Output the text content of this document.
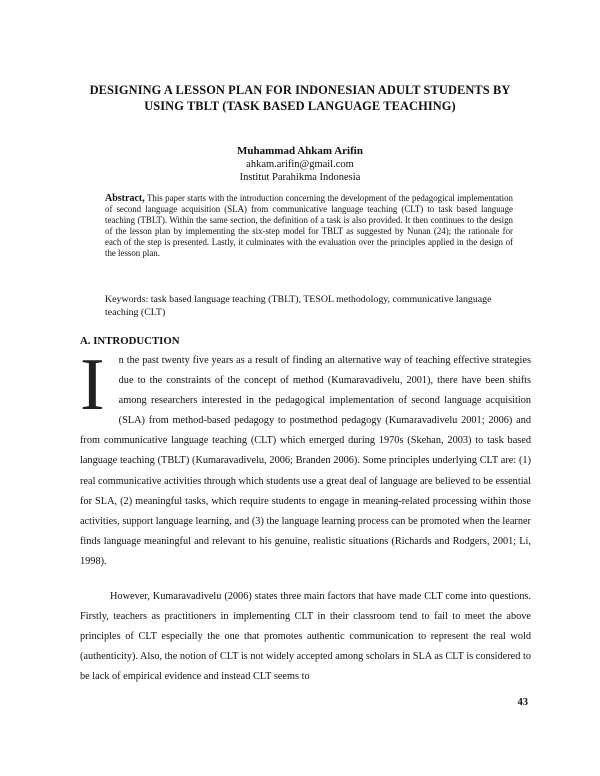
DESIGNING A LESSON PLAN FOR INDONESIAN ADULT STUDENTS BY USING TBLT (TASK BASED LANGUAGE TEACHING)
Muhammad Ahkam Arifin
ahkam.arifin@gmail.com
Institut Parahikma Indonesia
Abstract, This paper starts with the introduction concerning the development of the pedagogical implementation of second language acquisition (SLA) from communicative language teaching (CLT) to task based language teaching (TBLT). Within the same section, the definition of a task is also provided. It then continues to the design of the lesson plan by implementing the six-step model for TBLT as suggested by Nunan (24); the rationale for each of the step is presented. Lastly, it culminates with the evaluation over the principles applied in the design of the lesson plan.
Keywords: task based language teaching (TBLT), TESOL methodology, communicative language teaching (CLT)
A. INTRODUCTION
I n the past twenty five years as a result of finding an alternative way of teaching effective strategies due to the constraints of the concept of method (Kumaravadivelu, 2001), there have been shifts among researchers interested in the pedagogical implementation of second language acquisition (SLA) from method-based pedagogy to postmethod pedagogy (Kumaravadivelu 2001; 2006) and from communicative language teaching (CLT) which emerged during 1970s (Skehan, 2003) to task based language teaching (TBLT) (Kumaravadivelu, 2006; Branden 2006). Some principles underlying CLT are: (1) real communicative activities through which students use a great deal of language are believed to be essential for SLA, (2) meaningful tasks, which require students to engage in meaning-related processing within those activities, support language learning, and (3) the language learning process can be promoted when the learner finds language meaningful and relevant to his genuine, realistic situations (Richards and Rodgers, 2001; Li, 1998).
However, Kumaravadivelu (2006) states three main factors that have made CLT come into questions. Firstly, teachers as practitioners in implementing CLT in their classroom tend to fail to meet the above principles of CLT especially the one that promotes authentic communication to represent the real wold (authenticity). Also, the notion of CLT is not widely accepted among scholars in SLA as CLT is considered to be lack of empirical evidence and instead CLT seems to
43
